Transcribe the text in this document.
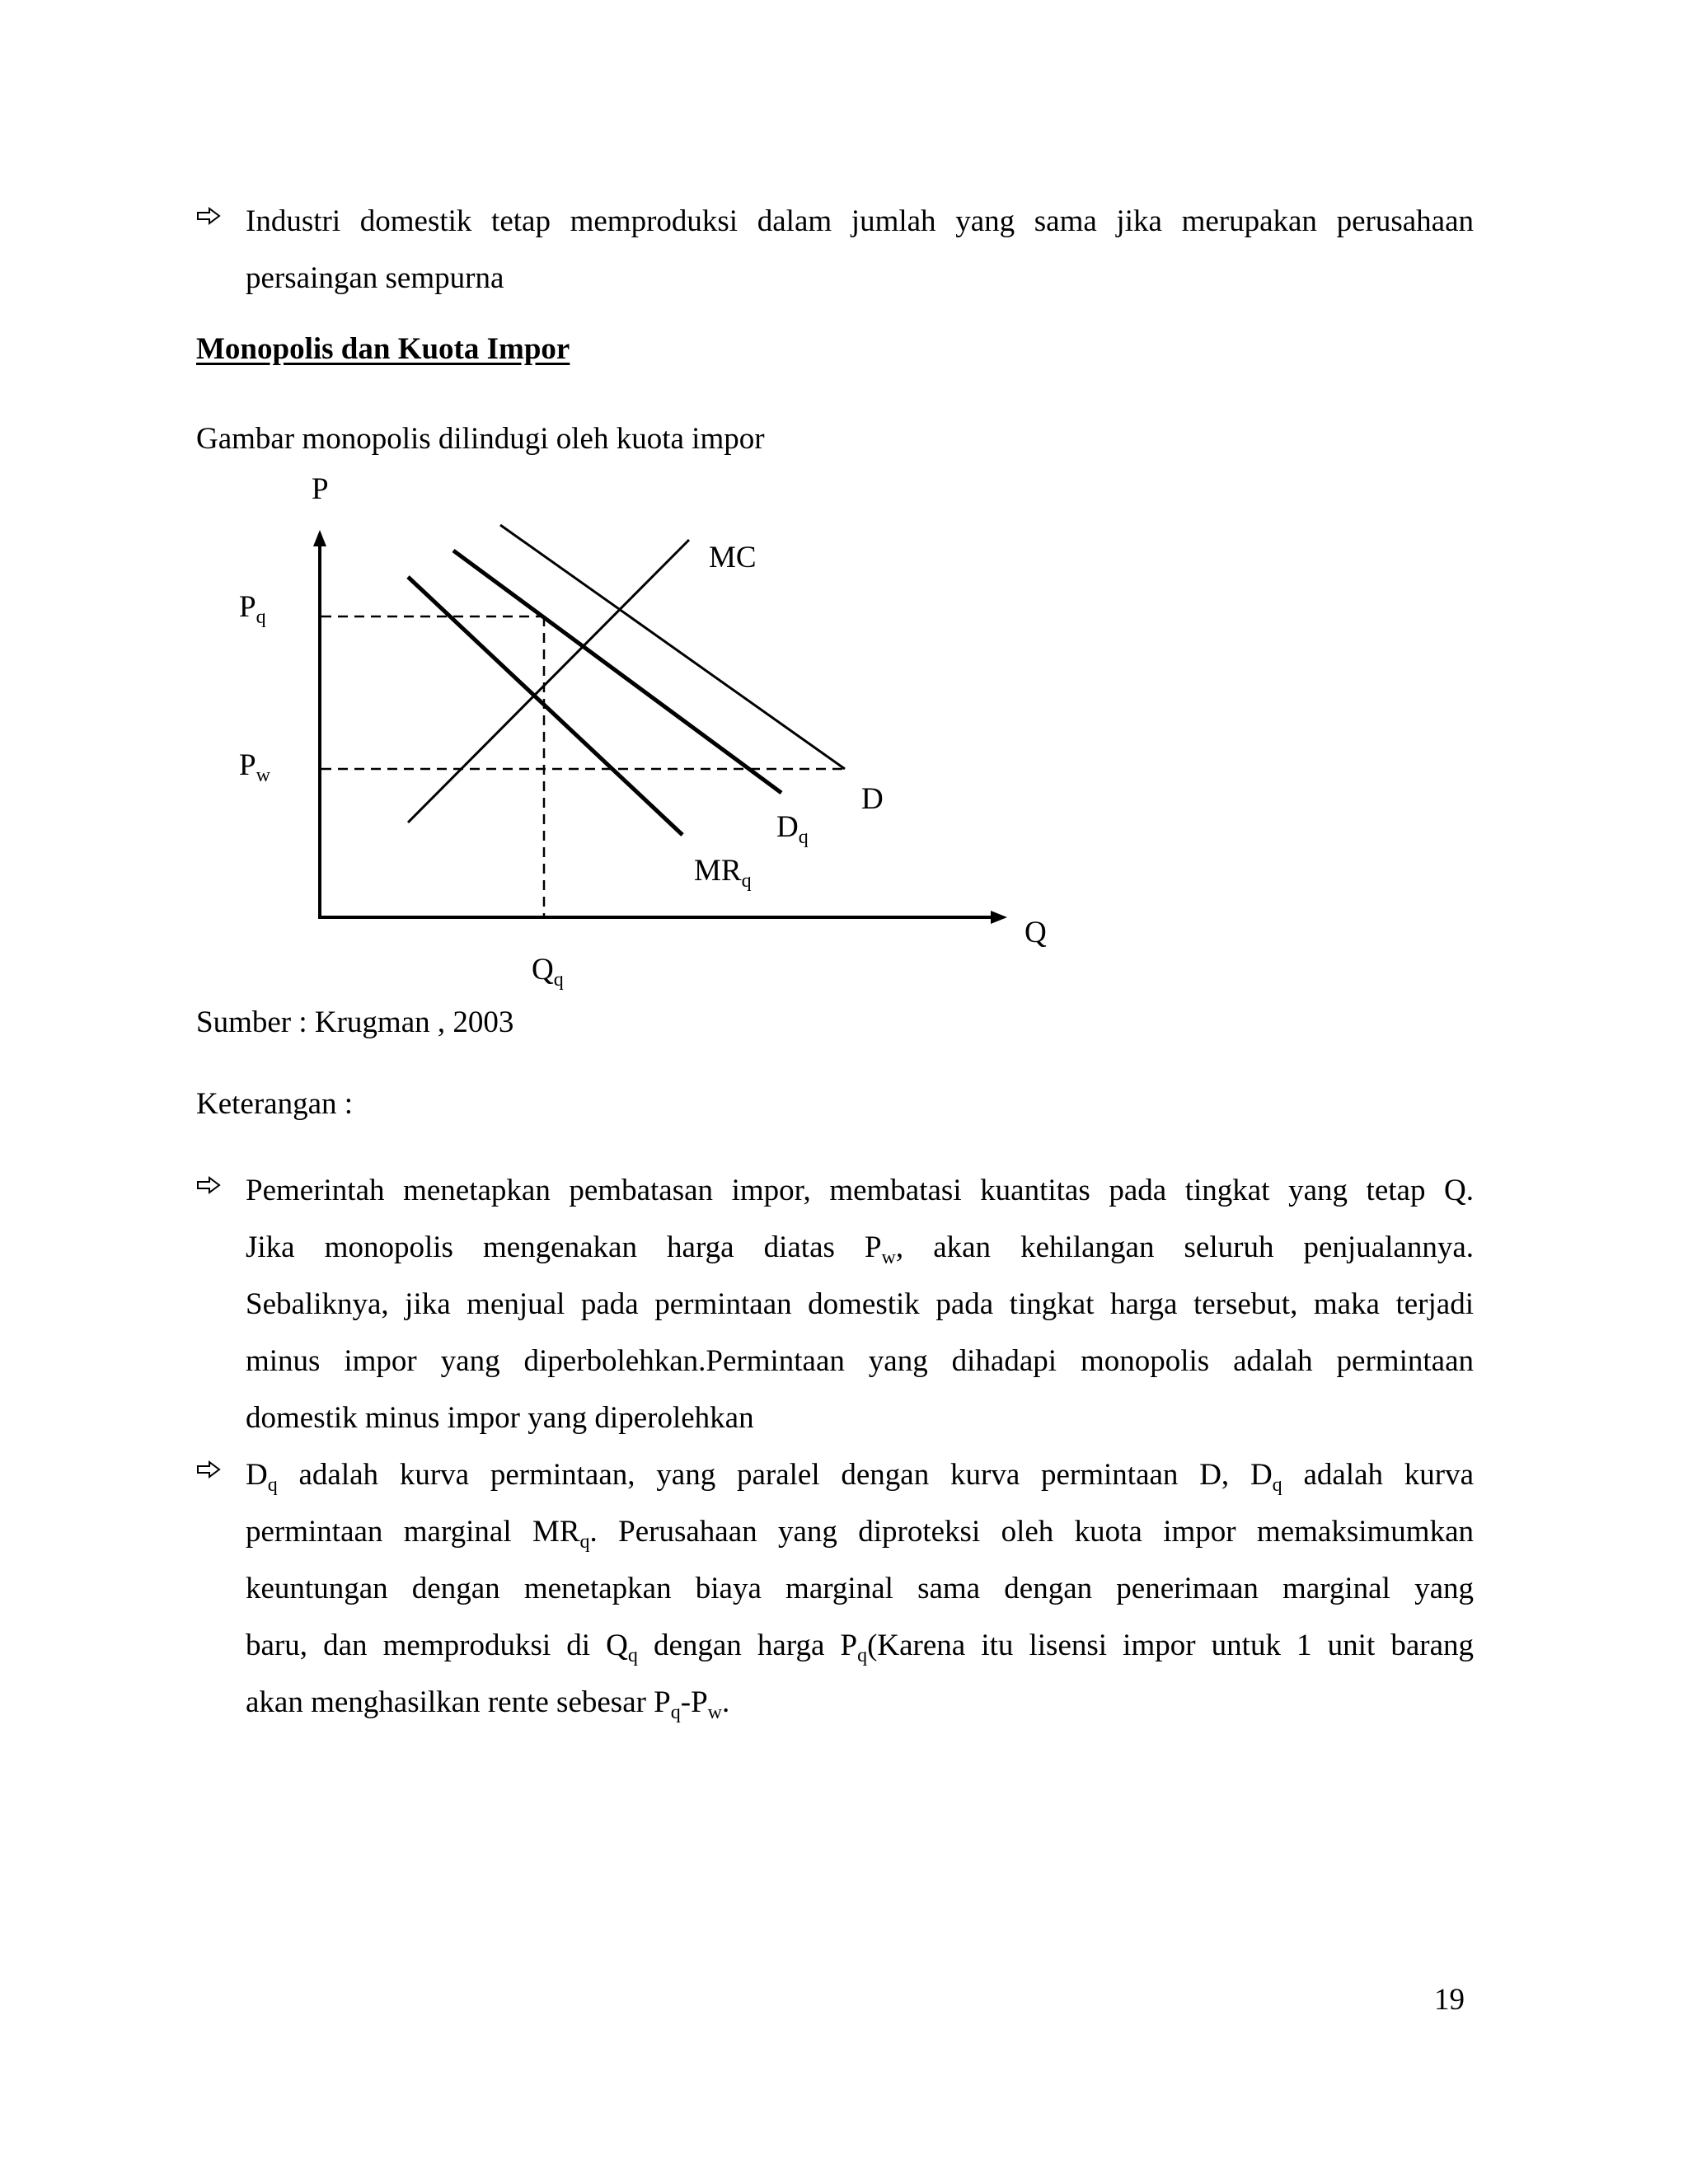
Industri domestik tetap memproduksi dalam jumlah yang sama jika merupakan perusahaan
persaingan sempurna
Monopolis dan Kuota Impor
Gambar monopolis dilindugi oleh kuota impor
P
MC
$P_q$
$P_w$
D
$D_q$
$MR_q$
Q
$Q_q$
Sumber : Krugman , 2003
Keterangan :
Pemerintah menetapkan pembatasan impor, membatasi kuantitas pada tingkat yang tetap Q.
Jika monopolis mengenakan harga diatas $P_w$, akan kehilangan seluruh penjualannya.
Sebaliknya, jika menjual pada permintaan domestik pada tingkat harga tersebut, maka terjadi
minus impor yang diperbolehkan.Permintaan yang dihadapi monopolis adalah permintaan
domestik minus impor yang diperolehkan
$D_q$ adalah kurva permintaan, yang paralel dengan kurva permintaan D, $D_q$ adalah kurva
permintaan marginal $MR_q$. Perusahaan yang diproteksi oleh kuota impor memaksimumkan
keuntungan dengan menetapkan biaya marginal sama dengan penerimaan marginal yang
baru, dan memproduksi di $Q_q$ dengan harga $P_q(Karena$ itu lisensi impor untuk 1 unit barang
akan menghasilkan rente sebesar $P_q-P_w$.
19
